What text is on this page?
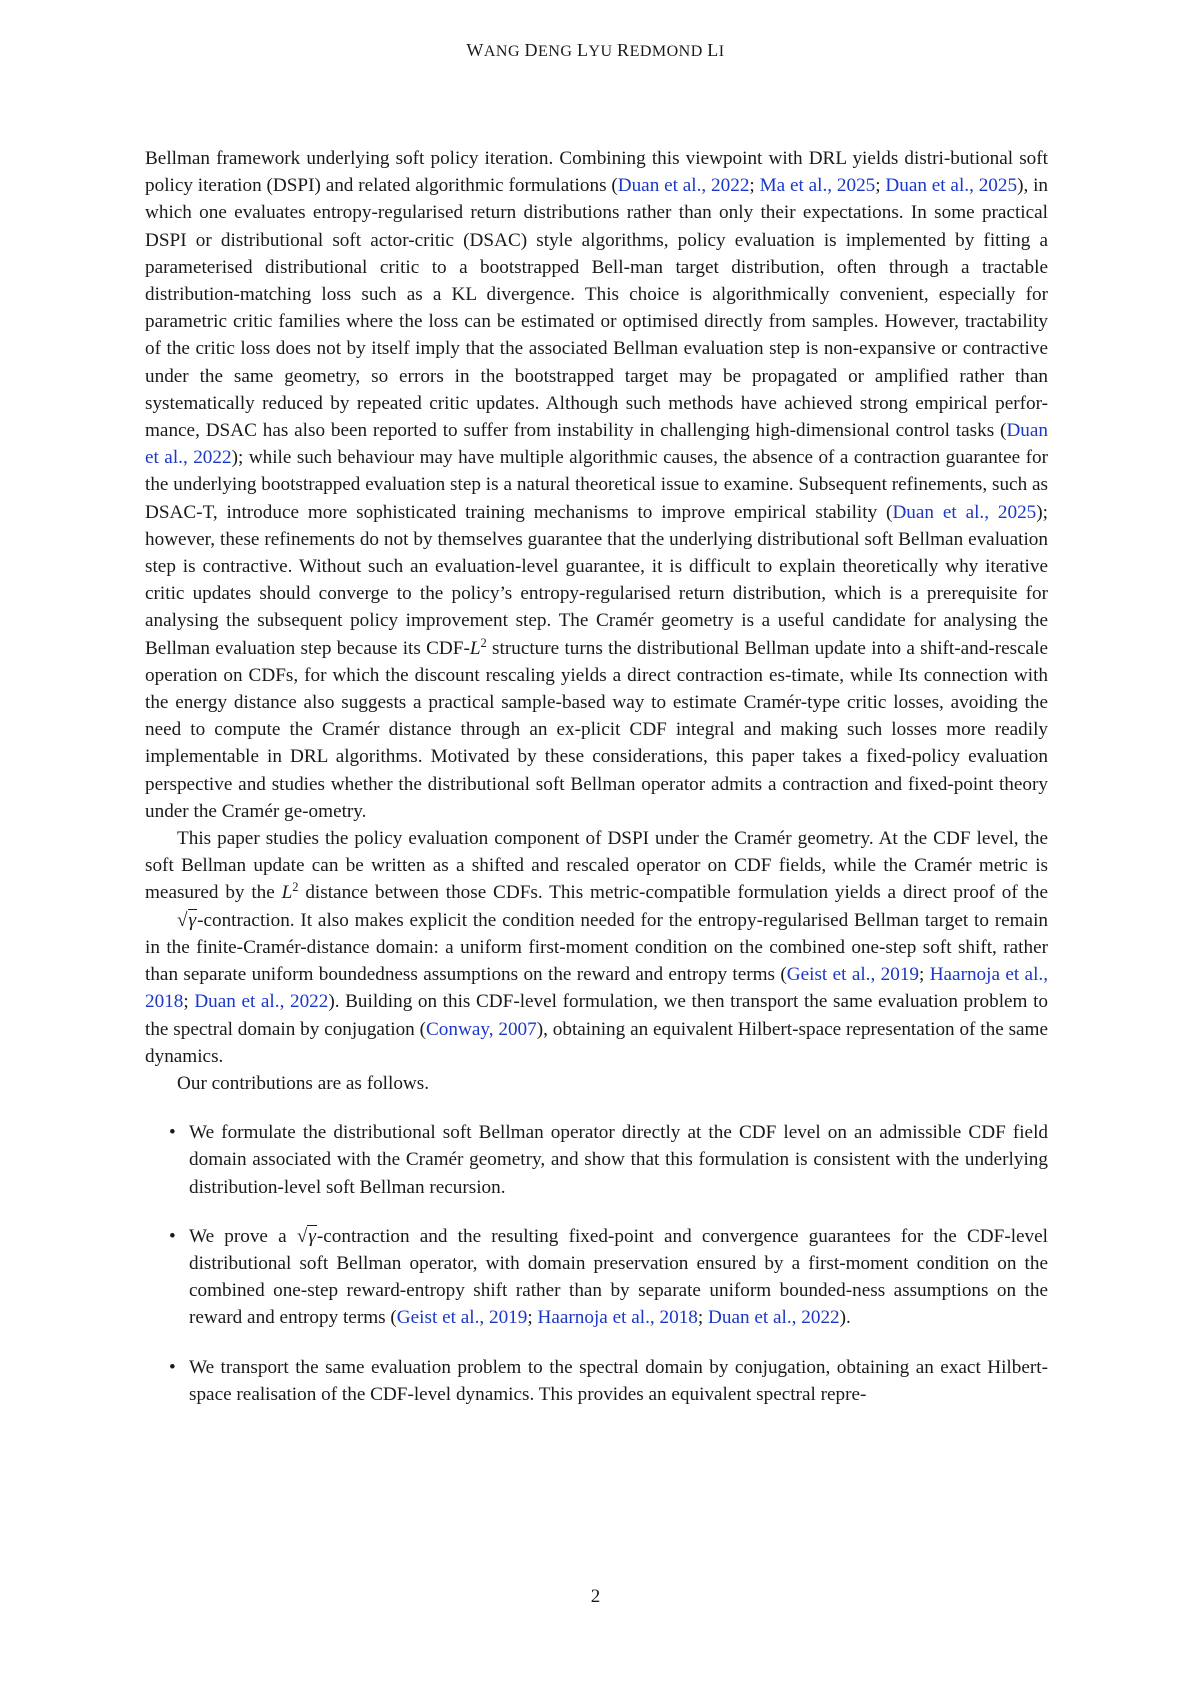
WANG DENG LYU REDMOND LI

Bellman framework underlying soft policy iteration. Combining this viewpoint with DRL yields distri-butional soft policy iteration (DSPI) and related algorithmic formulations (Duan et al., 2022; Ma et al., 2025; Duan et al., 2025), in which one evaluates entropy-regularised return distributions rather than only their expectations. In some practical DSPI or distributional soft actor-critic (DSAC) style algorithms, policy evaluation is implemented by fitting a parameterised distributional critic to a bootstrapped Bell-man target distribution, often through a tractable distribution-matching loss such as a KL divergence. This choice is algorithmically convenient, especially for parametric critic families where the loss can be estimated or optimised directly from samples. However, tractability of the critic loss does not by itself imply that the associated Bellman evaluation step is non-expansive or contractive under the same geometry, so errors in the bootstrapped target may be propagated or amplified rather than systematically reduced by repeated critic updates. Although such methods have achieved strong empirical perfor-mance, DSAC has also been reported to suffer from instability in challenging high-dimensional control tasks (Duan et al., 2022); while such behaviour may have multiple algorithmic causes, the absence of a contraction guarantee for the underlying bootstrapped evaluation step is a natural theoretical issue to examine. Subsequent refinements, such as DSAC-T, introduce more sophisticated training mechanisms to improve empirical stability (Duan et al., 2025); however, these refinements do not by themselves guarantee that the underlying distributional soft Bellman evaluation step is contractive. Without such an evaluation-level guarantee, it is difficult to explain theoretically why iterative critic updates should converge to the policy’s entropy-regularised return distribution, which is a prerequisite for analysing the subsequent policy improvement step. The Cramér geometry is a useful candidate for analysing the Bellman evaluation step because its CDF-$L^2$ structure turns the distributional Bellman update into a shift-and-rescale operation on CDFs, for which the discount rescaling yields a direct contraction es-timate, while Its connection with the energy distance also suggests a practical sample-based way to estimate Cramér-type critic losses, avoiding the need to compute the Cramér distance through an ex-plicit CDF integral and making such losses more readily implementable in DRL algorithms. Motivated by these considerations, this paper takes a fixed-policy evaluation perspective and studies whether the distributional soft Bellman operator admits a contraction and fixed-point theory under the Cramér ge-ometry.

This paper studies the policy evaluation component of DSPI under the Cramér geometry. At the CDF level, the soft Bellman update can be written as a shifted and rescaled operator on CDF fields, while the Cramér metric is measured by the $L^2$ distance between those CDFs. This metric-compatible formulation yields a direct proof of the √γ-contraction. It also makes explicit the condition needed for the entropy-regularised Bellman target to remain in the finite-Cramér-distance domain: a uniform first-moment condition on the combined one-step soft shift, rather than separate uniform boundedness assumptions on the reward and entropy terms (Geist et al., 2019; Haarnoja et al., 2018; Duan et al., 2022). Building on this CDF-level formulation, we then transport the same evaluation problem to the spectral domain by conjugation (Conway, 2007), obtaining an equivalent Hilbert-space representation of the same dynamics.

Our contributions are as follows.

• We formulate the distributional soft Bellman operator directly at the CDF level on an admissible CDF field domain associated with the Cramér geometry, and show that this formulation is consistent with the underlying distribution-level soft Bellman recursion.
• We prove a √γ-contraction and the resulting fixed-point and convergence guarantees for the CDF-level distributional soft Bellman operator, with domain preservation ensured by a first-moment condition on the combined one-step reward-entropy shift rather than by separate uniform bounded-ness assumptions on the reward and entropy terms (Geist et al., 2019; Haarnoja et al., 2018; Duan et al., 2022).
• We transport the same evaluation problem to the spectral domain by conjugation, obtaining an exact Hilbert-space realisation of the CDF-level dynamics. This provides an equivalent spectral repre-
2
